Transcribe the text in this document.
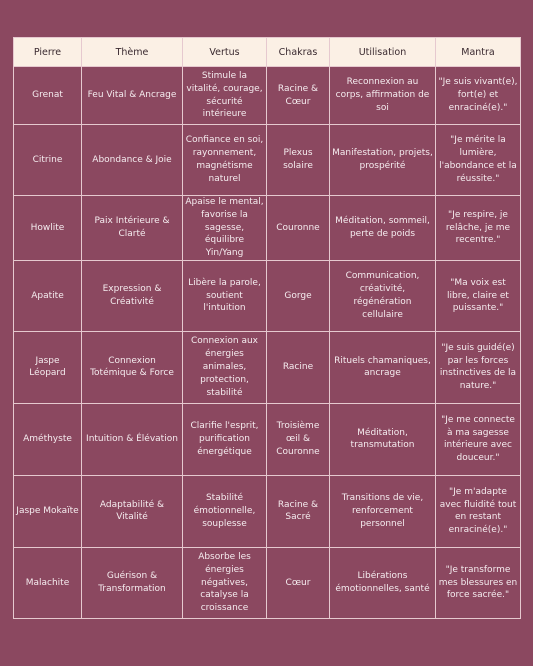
Pierre	Thème	Vertus	Chakras	Utilisation	Mantra
Grenat	Feu Vital & Ancrage	Stimule la vitalité, courage, sécurité intérieure	Racine & Cœur	Reconnexion au corps, affirmation de soi	"Je suis vivant(e), fort(e) et enraciné(e)."
Citrine	Abondance & Joie	Confiance en soi, rayonnement, magnétisme naturel	Plexus solaire	Manifestation, projets, prospérité	"Je mérite la lumière, l'abondance et la réussite."
Howlite	Paix Intérieure & Clarté	Apaise le mental, favorise la sagesse, équilibre Yin/Yang	Couronne	Méditation, sommeil, perte de poids	"Je respire, je relâche, je me recentre."
Apatite	Expression & Créativité	Libère la parole, soutient l'intuition	Gorge	Communication, créativité, régénération cellulaire	"Ma voix est libre, claire et puissante."
Jaspe Léopard	Connexion Totémique & Force	Connexion aux énergies animales, protection, stabilité	Racine	Rituels chamaniques, ancrage	"Je suis guidé(e) par les forces instinctives de la nature."
Améthyste	Intuition & Élévation	Clarifie l'esprit, purification énergétique	Troisième œil & Couronne	Méditation, transmutation	"Je me connecte à ma sagesse intérieure avec douceur."
Jaspe Mokaïte	Adaptabilité & Vitalité	Stabilité émotionnelle, souplesse	Racine & Sacré	Transitions de vie, renforcement personnel	"Je m'adapte avec fluidité tout en restant enraciné(e)."
Malachite	Guérison & Transformation	Absorbe les énergies négatives, catalyse la croissance	Cœur	Libérations émotionnelles, santé	"Je transforme mes blessures en force sacrée."
